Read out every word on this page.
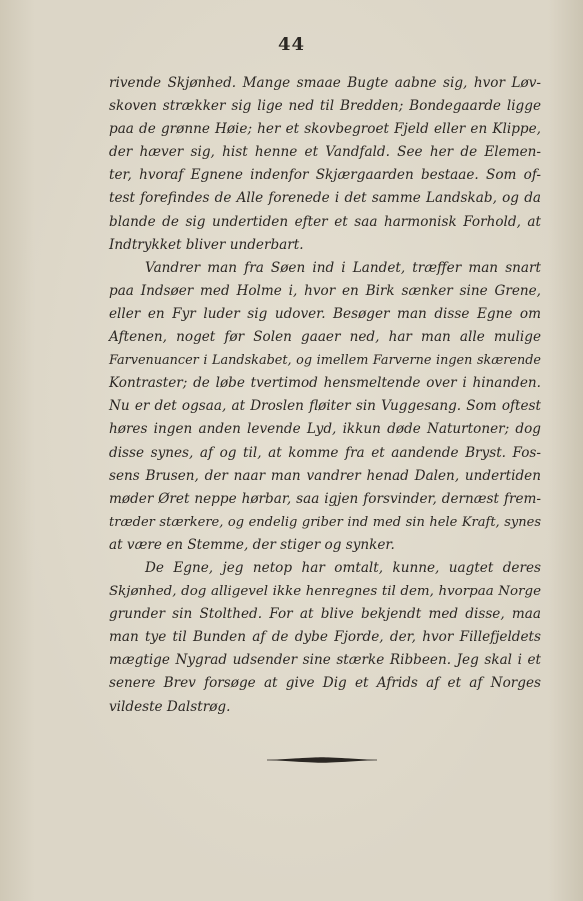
44
rivende Skjønhed. Mange smaae Bugte aabne sig, hvor Løv-
skoven strækker sig lige ned til Bredden; Bondegaarde ligge
paa de grønne Høie; her et skovbegroet Fjeld eller en Klippe,
der hæver sig, hist henne et Vandfald. See her de Elemen-
ter, hvoraf Egnene indenfor Skjærgaarden bestaae. Som of-
test forefindes de Alle forenede i det samme Landskab, og da
blande de sig undertiden efter et saa harmonisk Forhold, at
Indtrykket bliver underbart.
Vandrer man fra Søen ind i Landet, træffer man snart
paa Indsøer med Holme i, hvor en Birk sænker sine Grene,
eller en Fyr luder sig udover. Besøger man disse Egne om
Aftenen, noget før Solen gaaer ned, har man alle mulige
Farvenuancer i Landskabet, og imellem Farverne ingen skærende
Kontraster; de løbe tvertimod hensmeltende over i hinanden.
Nu er det ogsaa, at Droslen fløiter sin Vuggesang. Som oftest
høres ingen anden levende Lyd, ikkun døde Naturtoner; dog
disse synes, af og til, at komme fra et aandende Bryst. Fos-
sens Brusen, der naar man vandrer henad Dalen, undertiden
møder Øret neppe hørbar, saa igjen forsvinder, dernæst frem-
træder stærkere, og endelig griber ind med sin hele Kraft, synes
at være en Stemme, der stiger og synker.
De Egne, jeg netop har omtalt, kunne, uagtet deres
Skjønhed, dog alligevel ikke henregnes til dem, hvorpaa Norge
grunder sin Stolthed. For at blive bekjendt med disse, maa
man tye til Bunden af de dybe Fjorde, der, hvor Fillefjeldets
mægtige Nygrad udsender sine stærke Ribbeen. Jeg skal i et
senere Brev forsøge at give Dig et Afrids af et af Norges
vildeste Dalstrøg.
